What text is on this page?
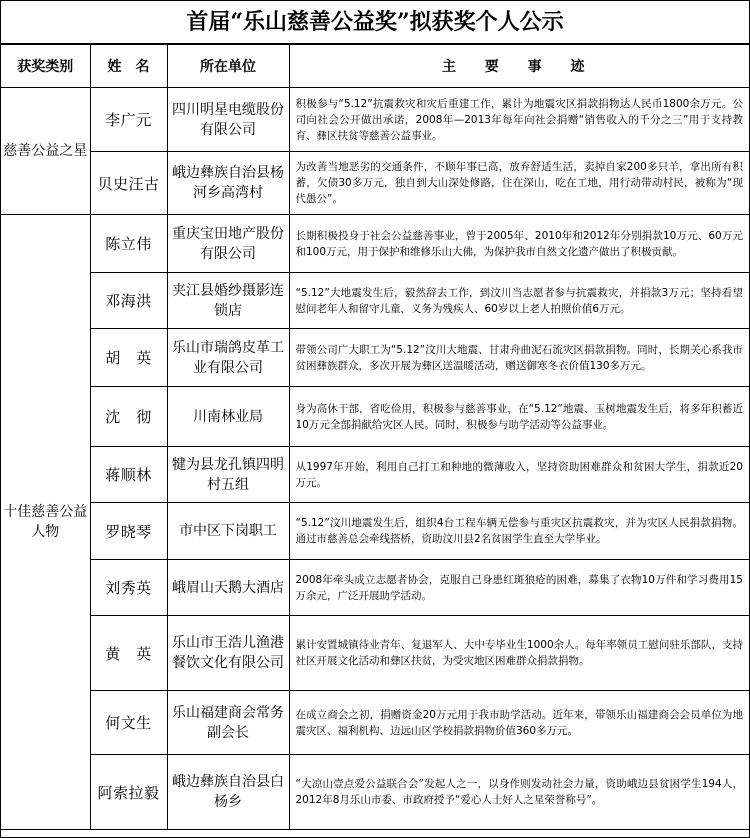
首届“乐山慈善公益奖”拟获奖个人公示
获奖类别	姓　名	所在单位	主 要 事 迹
慈善公益之星	李广元	四川明星电缆股份有限公司	积极参与“5.12”抗震救灾和灾后重建工作，累计为地震灾区捐款捐物达人民币1800余万元。公司向社会公开做出承诺，2008年—2013年每年向社会捐赠“销售收入的千分之三”用于支持教育、彝区扶贫等慈善公益事业。
	贝史汪古	峨边彝族自治县杨河乡高湾村	为改善当地恶劣的交通条件，不顾年事已高，放弃舒适生活，卖掉自家200多只羊，拿出所有积蓄，欠债30多万元，独自到大山深处修路，住在深山，吃在工地，用行动带动村民，被称为“现代愚公”。
十佳慈善公益人物	陈立伟	重庆宝田地产股份有限公司	长期积极投身于社会公益慈善事业，曾于2005年、2010年和2012年分别捐款10万元、60万元和100万元，用于保护和维修乐山大佛，为保护我市自然文化遗产做出了积极贡献。
	邓海洪	夹江县婚纱摄影连锁店	“5.12”大地震发生后，毅然辞去工作，到汶川当志愿者参与抗震救灾，并捐款3万元；坚持看望慰问老年人和留守儿童，义务为残疾人、60岁以上老人拍照价值6万元。
	胡　英	乐山市瑞鸽皮革工业有限公司	带领公司广大职工为“5.12”汶川大地震、甘肃舟曲泥石流灾区捐款捐物。同时，长期关心系我市贫困彝族群众，多次开展为彝区送温暖活动，赠送御寒冬衣价值130多万元。
	沈　彻	川南林业局	身为高休干部，省吃俭用，积极参与慈善事业，在“5.12”地震、玉树地震发生后，将多年积蓄近10万元全部捐献给灾区人民。同时，积极参与助学活动等公益事业。
	蒋顺林	犍为县龙孔镇四明村五组	从1997年开始，利用自己打工和种地的微薄收入，坚持资助困难群众和贫困大学生，捐款近20万元。
	罗晓琴	市中区下岗职工	“5.12”汶川地震发生后，组织4台工程车辆无偿参与重灾区抗震救灾，并为灾区人民捐款捐物。通过市慈善总会牵线搭桥，资助汶川县2名贫困学生直至大学毕业。
	刘秀英	峨眉山天鹅大酒店	2008年牵头成立志愿者协会，克服自己身患红斑狼疮的困难，募集了衣物10万件和学习费用15万余元，广泛开展助学活动。
	黄　英	乐山市王浩儿渔港餐饮文化有限公司	累计安置城镇待业青年、复退军人、大中专毕业生1000余人。每年率领员工慰问驻乐部队，支持社区开展文化活动和彝区扶贫，为受灾地区困难群众捐款捐物。
	何文生	乐山福建商会常务副会长	在成立商会之初，捐赠资金20万元用于我市助学活动。近年来，带领乐山福建商会会员单位为地震灾区、福利机构、边远山区学校捐款捐物价值360多万元。
	阿索拉毅	峨边彝族自治县白杨乡	“大凉山壹点爱公益联合会”发起人之一，以身作则发动社会力量，资助峨边县贫困学生194人，2012年8月乐山市委、市政府授予“爱心人士好人之星荣誉称号”。
